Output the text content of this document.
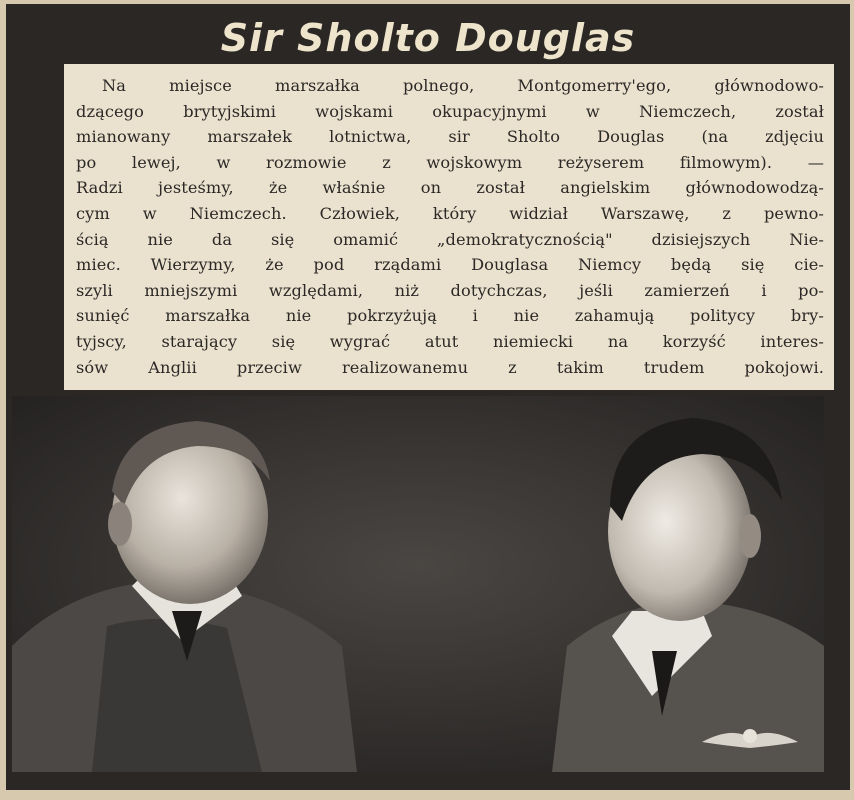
Sir Sholto Douglas

Na miejsce marszałka polnego, Montgomerry'ego, głównodowo-
dzącego brytyjskimi wojskami okupacyjnymi w Niemczech, został
mianowany marszałek lotnictwa, sir Sholto Douglas (na zdjęciu
po lewej, w rozmowie z wojskowym reżyserem filmowym). —
Radzi jesteśmy, że właśnie on został angielskim głównodowodzą-
cym w Niemczech. Człowiek, który widział Warszawę, z pewno-
ścią nie da się omamić „demokratycznością" dzisiejszych Nie-
miec. Wierzymy, że pod rządami Douglasa Niemcy będą się cie-
szyli mniejszymi względami, niż dotychczas, jeśli zamierzeń i po-
sunięć marszałka nie pokrzyżują i nie zahamują politycy bry-
tyjscy, starający się wygrać atut niemiecki na korzyść interes-
sów Anglii przeciw realizowanemu z takim trudem pokojowi.
